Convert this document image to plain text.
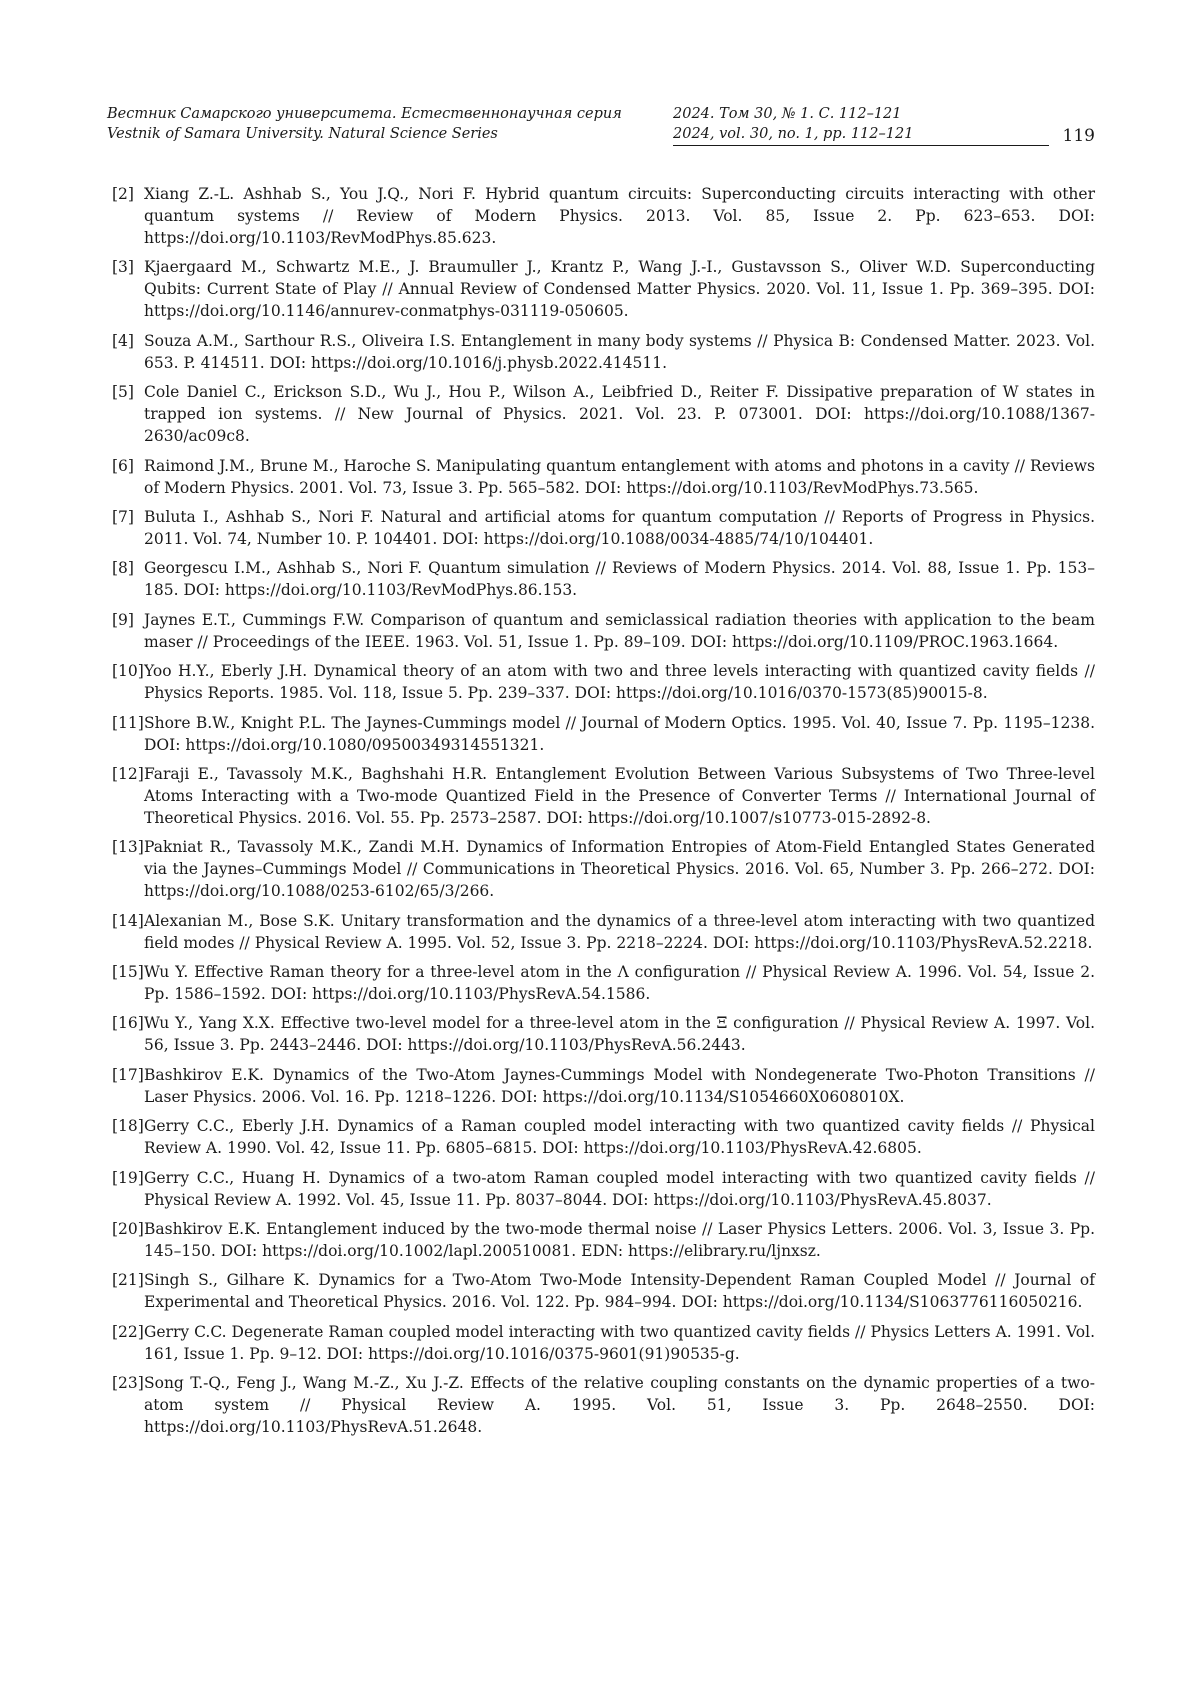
Вестник Самарского университета. Естественнонаучная серия
Vestnik of Samara University. Natural Science Series
2024. Том 30, № 1. С. 112–121
2024, vol. 30, no. 1, pp. 112–121	119
[2] Xiang Z.-L. Ashhab S., You J.Q., Nori F. Hybrid quantum circuits: Superconducting circuits interacting with other quantum systems // Review of Modern Physics. 2013. Vol. 85, Issue 2. Pp. 623–653. DOI: https://doi.org/10.1103/RevModPhys.85.623.
[3] Kjaergaard M., Schwartz M.E., J. Braumuller J., Krantz P., Wang J.-I., Gustavsson S., Oliver W.D. Superconducting Qubits: Current State of Play // Annual Review of Condensed Matter Physics. 2020. Vol. 11, Issue 1. Pp. 369–395. DOI: https://doi.org/10.1146/annurev-conmatphys-031119-050605.
[4] Souza A.M., Sarthour R.S., Oliveira I.S. Entanglement in many body systems // Physica B: Condensed Matter. 2023. Vol. 653. P. 414511. DOI: https://doi.org/10.1016/j.physb.2022.414511.
[5] Cole Daniel C., Erickson S.D., Wu J., Hou P., Wilson A., Leibfried D., Reiter F. Dissipative preparation of W states in trapped ion systems. // New Journal of Physics. 2021. Vol. 23. P. 073001. DOI: https://doi.org/10.1088/1367-2630/ac09c8.
[6] Raimond J.M., Brune M., Haroche S. Manipulating quantum entanglement with atoms and photons in a cavity // Reviews of Modern Physics. 2001. Vol. 73, Issue 3. Pp. 565–582. DOI: https://doi.org/10.1103/RevModPhys.73.565.
[7] Buluta I., Ashhab S., Nori F. Natural and artificial atoms for quantum computation // Reports of Progress in Physics. 2011. Vol. 74, Number 10. P. 104401. DOI: https://doi.org/10.1088/0034-4885/74/10/104401.
[8] Georgescu I.M., Ashhab S., Nori F. Quantum simulation // Reviews of Modern Physics. 2014. Vol. 88, Issue 1. Pp. 153–185. DOI: https://doi.org/10.1103/RevModPhys.86.153.
[9] Jaynes E.T., Cummings F.W. Comparison of quantum and semiclassical radiation theories with application to the beam maser // Proceedings of the IEEE. 1963. Vol. 51, Issue 1. Pp. 89–109. DOI: https://doi.org/10.1109/PROC.1963.1664.
[10] Yoo H.Y., Eberly J.H. Dynamical theory of an atom with two and three levels interacting with quantized cavity fields // Physics Reports. 1985. Vol. 118, Issue 5. Pp. 239–337. DOI: https://doi.org/10.1016/0370-1573(85)90015-8.
[11] Shore B.W., Knight P.L. The Jaynes-Cummings model // Journal of Modern Optics. 1995. Vol. 40, Issue 7. Pp. 1195–1238. DOI: https://doi.org/10.1080/09500349314551321.
[12] Faraji E., Tavassoly M.K., Baghshahi H.R. Entanglement Evolution Between Various Subsystems of Two Three-level Atoms Interacting with a Two-mode Quantized Field in the Presence of Converter Terms // International Journal of Theoretical Physics. 2016. Vol. 55. Pp. 2573–2587. DOI: https://doi.org/10.1007/s10773-015-2892-8.
[13] Pakniat R., Tavassoly M.K., Zandi M.H. Dynamics of Information Entropies of Atom-Field Entangled States Generated via the Jaynes–Cummings Model // Communications in Theoretical Physics. 2016. Vol. 65, Number 3. Pp. 266–272. DOI: https://doi.org/10.1088/0253-6102/65/3/266.
[14] Alexanian M., Bose S.K. Unitary transformation and the dynamics of a three-level atom interacting with two quantized field modes // Physical Review A. 1995. Vol. 52, Issue 3. Pp. 2218–2224. DOI: https://doi.org/10.1103/PhysRevA.52.2218.
[15] Wu Y. Effective Raman theory for a three-level atom in the Λ configuration // Physical Review A. 1996. Vol. 54, Issue 2. Pp. 1586–1592. DOI: https://doi.org/10.1103/PhysRevA.54.1586.
[16] Wu Y., Yang X.X. Effective two-level model for a three-level atom in the Ξ configuration // Physical Review A. 1997. Vol. 56, Issue 3. Pp. 2443–2446. DOI: https://doi.org/10.1103/PhysRevA.56.2443.
[17] Bashkirov E.K. Dynamics of the Two-Atom Jaynes-Cummings Model with Nondegenerate Two-Photon Transitions // Laser Physics. 2006. Vol. 16. Pp. 1218–1226. DOI: https://doi.org/10.1134/S1054660X0608010X.
[18] Gerry C.C., Eberly J.H. Dynamics of a Raman coupled model interacting with two quantized cavity fields // Physical Review A. 1990. Vol. 42, Issue 11. Pp. 6805–6815. DOI: https://doi.org/10.1103/PhysRevA.42.6805.
[19] Gerry C.C., Huang H. Dynamics of a two-atom Raman coupled model interacting with two quantized cavity fields // Physical Review A. 1992. Vol. 45, Issue 11. Pp. 8037–8044. DOI: https://doi.org/10.1103/PhysRevA.45.8037.
[20] Bashkirov E.K. Entanglement induced by the two-mode thermal noise // Laser Physics Letters. 2006. Vol. 3, Issue 3. Pp. 145–150. DOI: https://doi.org/10.1002/lapl.200510081. EDN: https://elibrary.ru/ljnxsz.
[21] Singh S., Gilhare K. Dynamics for a Two-Atom Two-Mode Intensity-Dependent Raman Coupled Model // Journal of Experimental and Theoretical Physics. 2016. Vol. 122. Pp. 984–994. DOI: https://doi.org/10.1134/S1063776116050216.
[22] Gerry C.C. Degenerate Raman coupled model interacting with two quantized cavity fields // Physics Letters A. 1991. Vol. 161, Issue 1. Pp. 9–12. DOI: https://doi.org/10.1016/0375-9601(91)90535-g.
[23] Song T.-Q., Feng J., Wang M.-Z., Xu J.-Z. Effects of the relative coupling constants on the dynamic properties of a two-atom system // Physical Review A. 1995. Vol. 51, Issue 3. Pp. 2648–2550. DOI: https://doi.org/10.1103/PhysRevA.51.2648.
